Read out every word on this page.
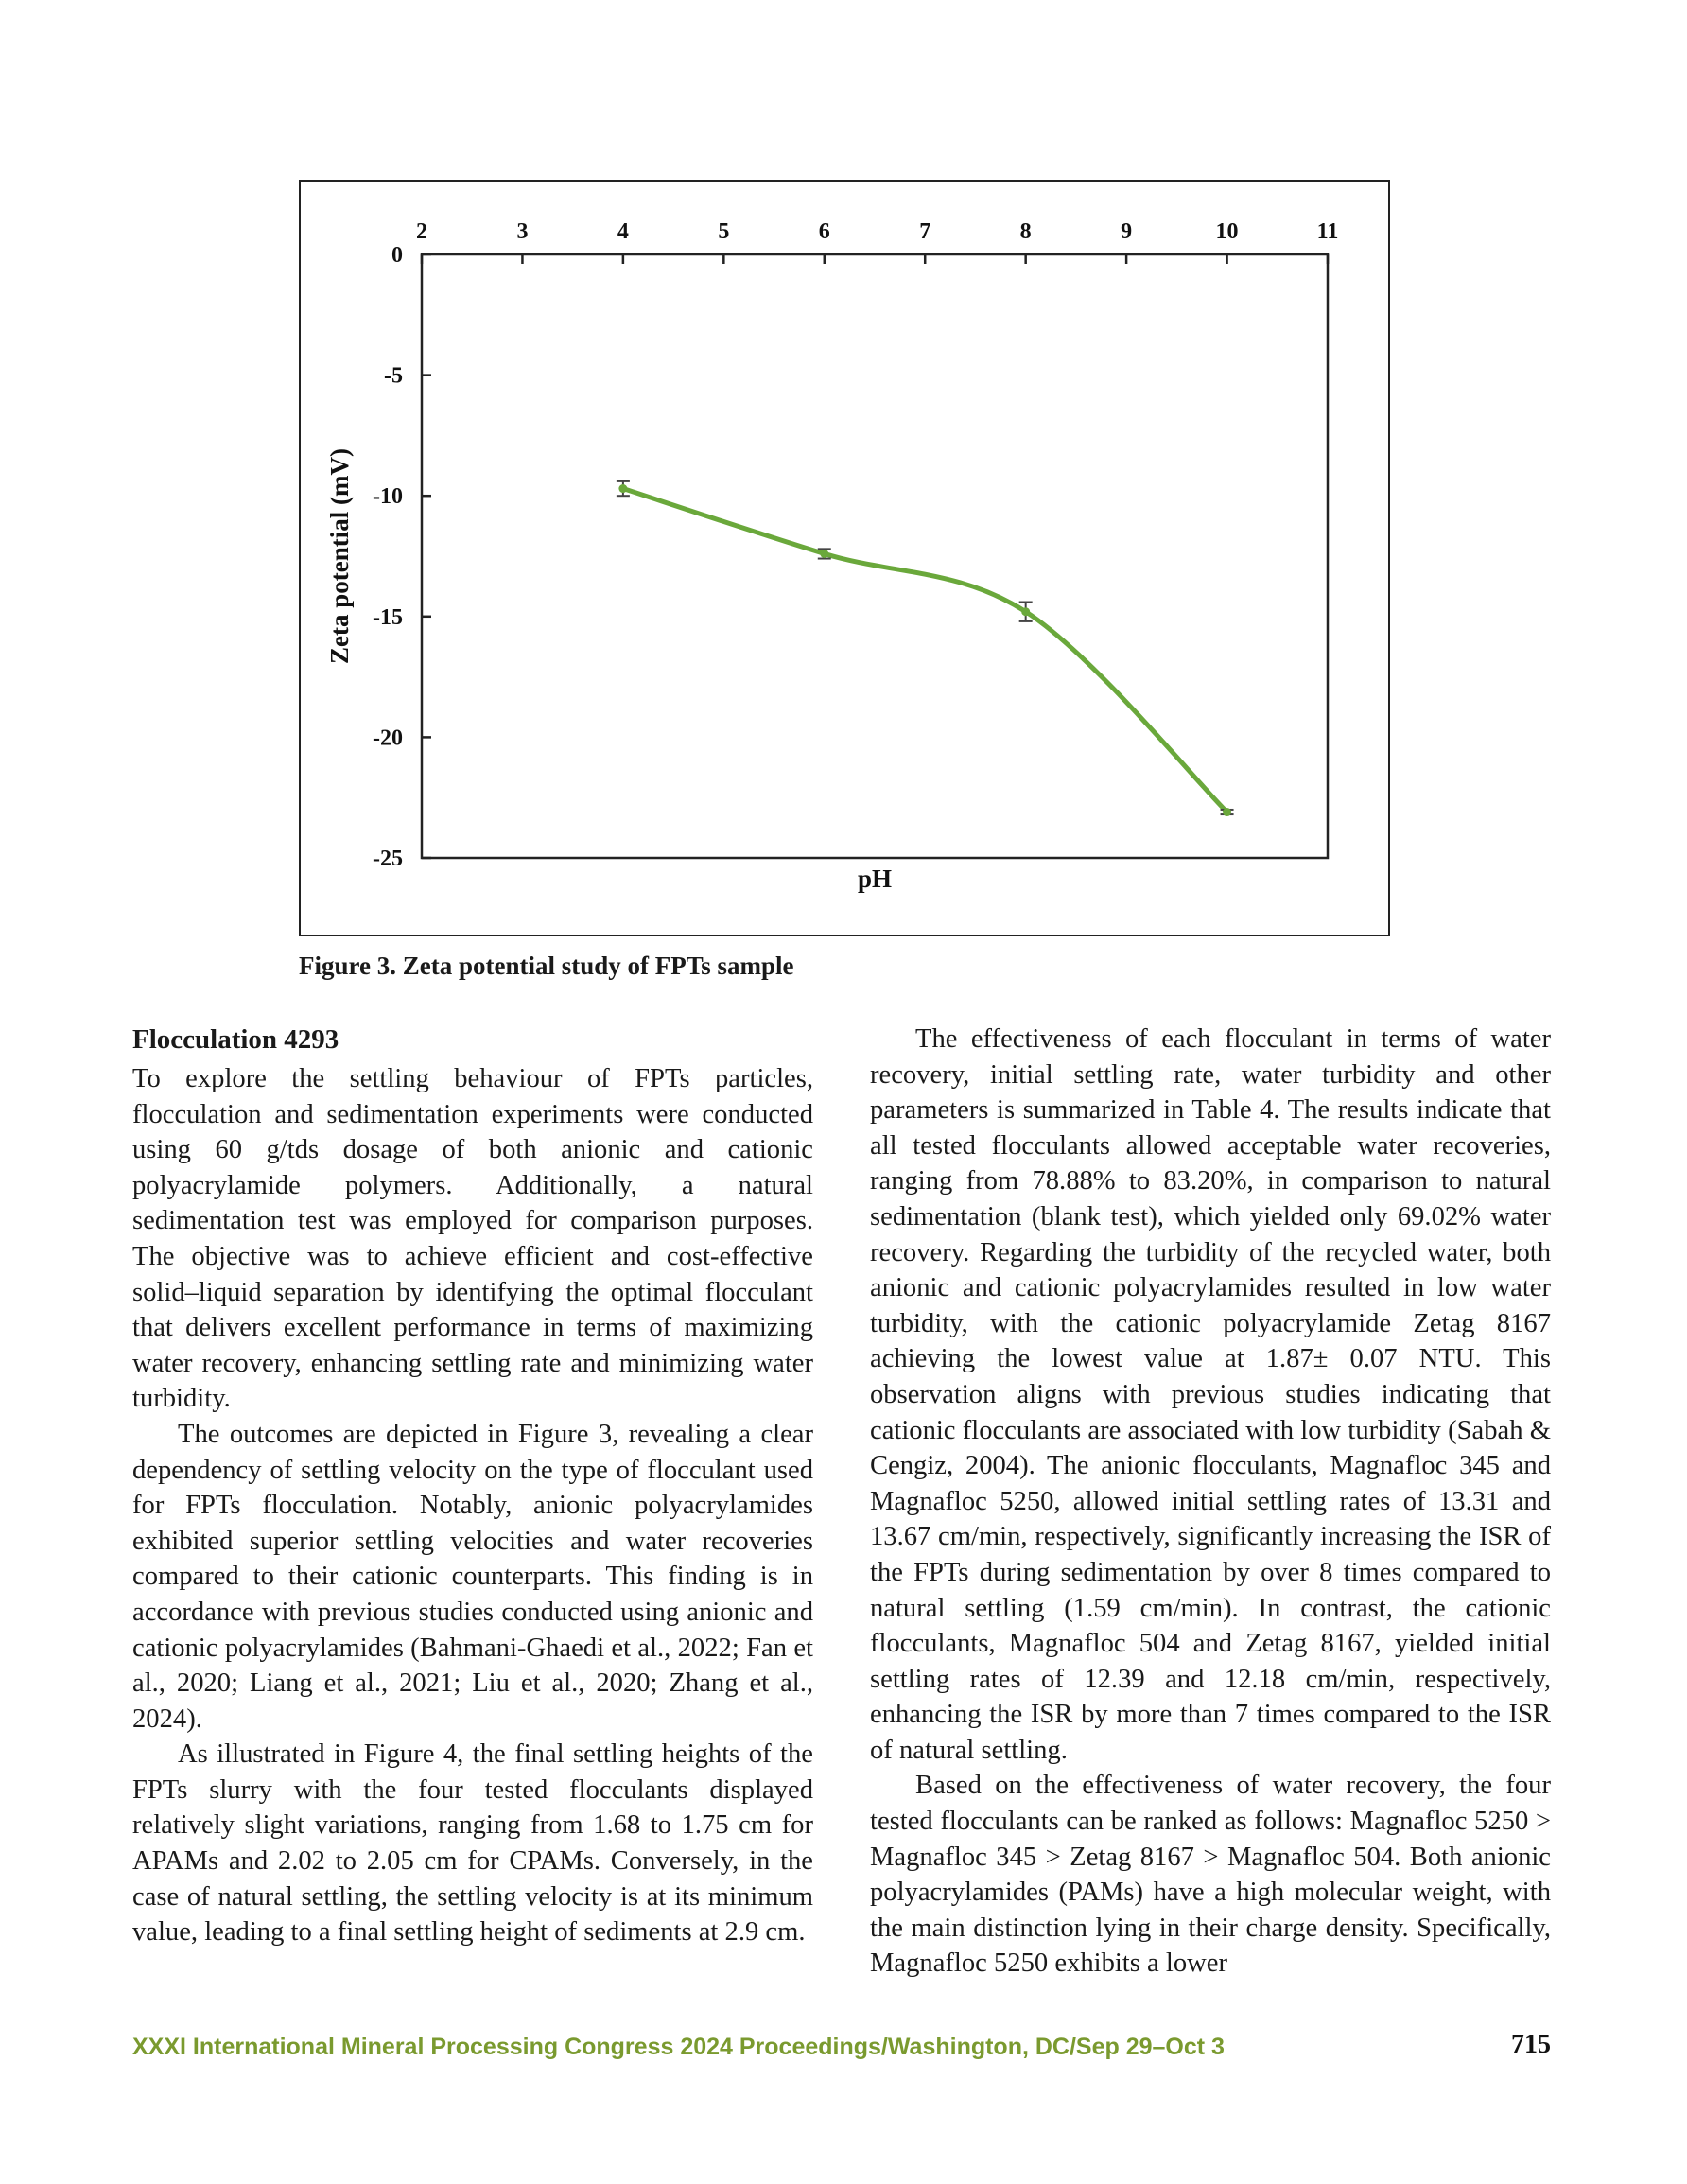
2	3	4	5	6	7	8	9	10	11
0
-5
-10
-15
-20
-25
Zeta potential (mV)
pH
Figure 3. Zeta potential study of FPTs sample
Flocculation 4293

To explore the settling behaviour of FPTs particles, flocculation and sedimentation experiments were conducted using 60 g/tds dosage of both anionic and cationic polyacrylamide polymers. Additionally, a natural sedimentation test was employed for comparison purposes. The objective was to achieve efficient and cost-effective solid–liquid separation by identifying the optimal flocculant that delivers excellent performance in terms of maximizing water recovery, enhancing settling rate and minimizing water turbidity.

The outcomes are depicted in Figure 3, revealing a clear dependency of settling velocity on the type of flocculant used for FPTs flocculation. Notably, anionic polyacrylamides exhibited superior settling velocities and water recoveries compared to their cationic counterparts. This finding is in accordance with previous studies conducted using anionic and cationic polyacrylamides (Bahmani-Ghaedi et al., 2022; Fan et al., 2020; Liang et al., 2021; Liu et al., 2020; Zhang et al., 2024).

As illustrated in Figure 4, the final settling heights of the FPTs slurry with the four tested flocculants displayed relatively slight variations, ranging from 1.68 to 1.75 cm for APAMs and 2.02 to 2.05 cm for CPAMs. Conversely, in the case of natural settling, the settling velocity is at its minimum value, leading to a final settling height of sediments at 2.9 cm.

The effectiveness of each flocculant in terms of water recovery, initial settling rate, water turbidity and other parameters is summarized in Table 4. The results indicate that all tested flocculants allowed acceptable water recoveries, ranging from 78.88% to 83.20%, in comparison to natural sedimentation (blank test), which yielded only 69.02% water recovery. Regarding the turbidity of the recycled water, both anionic and cationic polyacrylamides resulted in low water turbidity, with the cationic polyacrylamide Zetag 8167 achieving the lowest value at 1.87± 0.07 NTU. This observation aligns with previous studies indicating that cationic flocculants are associated with low turbidity (Sabah & Cengiz, 2004). The anionic flocculants, Magnafloc 345 and Magnafloc 5250, allowed initial settling rates of 13.31 and 13.67 cm/min, respectively, significantly increasing the ISR of the FPTs during sedimentation by over 8 times compared to natural settling (1.59 cm/min). In contrast, the cationic flocculants, Magnafloc 504 and Zetag 8167, yielded initial settling rates of 12.39 and 12.18 cm/min, respectively, enhancing the ISR by more than 7 times compared to the ISR of natural settling.

Based on the effectiveness of water recovery, the four tested flocculants can be ranked as follows: Magnafloc 5250 > Magnafloc 345 > Zetag 8167 > Magnafloc 504. Both anionic polyacrylamides (PAMs) have a high molecular weight, with the main distinction lying in their charge density. Specifically, Magnafloc 5250 exhibits a lower

XXXI International Mineral Processing Congress 2024 Proceedings/Washington, DC/Sep 29–Oct 3	715
